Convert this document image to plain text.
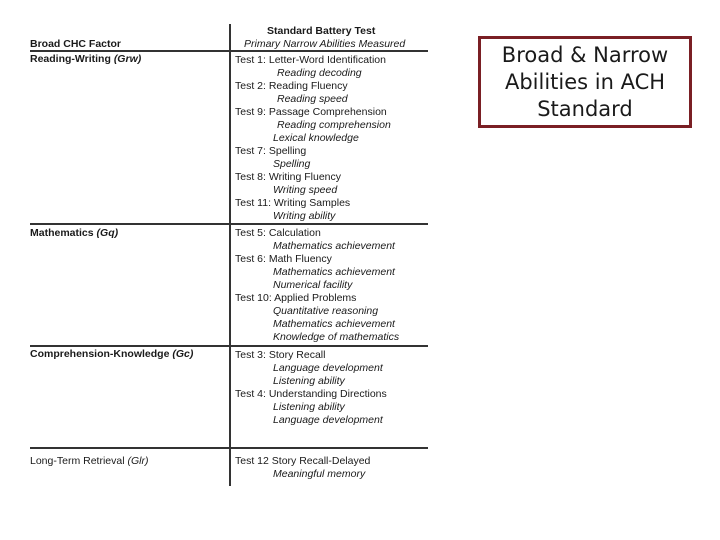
Standard Battery Test
Broad CHC Factor	Primary Narrow Abilities Measured
Reading-Writing (Grw)	Test 1: Letter-Word Identification
Reading decoding
Test 2: Reading Fluency
Reading speed
Test 9: Passage Comprehension
Reading comprehension
Lexical knowledge
Test 7: Spelling
Spelling
Test 8: Writing Fluency
Writing speed
Test 11: Writing Samples
Writing ability
Mathematics (Gq)	Test 5: Calculation
Mathematics achievement
Test 6: Math Fluency
Mathematics achievement
Numerical facility
Test 10: Applied Problems
Quantitative reasoning
Mathematics achievement
Knowledge of mathematics
Comprehension-Knowledge (Gc)	Test 3: Story Recall
Language development
Listening ability
Test 4: Understanding Directions
Listening ability
Language development
Long-Term Retrieval (Glr)	Test 12 Story Recall-Delayed
Meaningful memory
Broad & Narrow Abilities in ACH Standard
